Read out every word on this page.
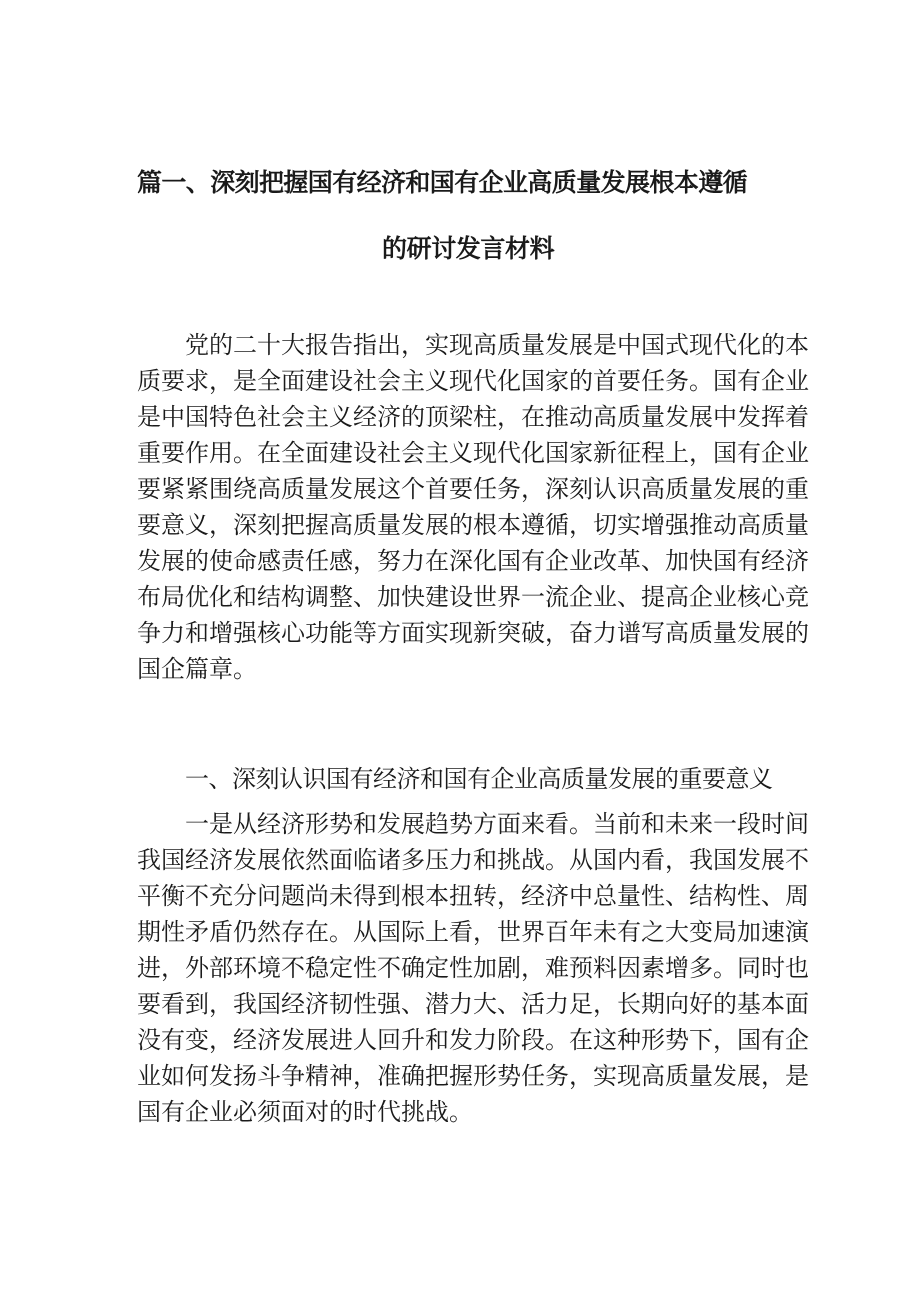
篇一、深刻把握国有经济和国有企业高质量发展根本遵循
的研讨发言材料
党的二十大报告指出，实现高质量发展是中国式现代化的本
质要求，是全面建设社会主义现代化国家的首要任务。国有企业
是中国特色社会主义经济的顶梁柱，在推动高质量发展中发挥着
重要作用。在全面建设社会主义现代化国家新征程上，国有企业
要紧紧围绕高质量发展这个首要任务，深刻认识高质量发展的重
要意义，深刻把握高质量发展的根本遵循，切实增强推动高质量
发展的使命感责任感，努力在深化国有企业改革、加快国有经济
布局优化和结构调整、加快建设世界一流企业、提高企业核心竞
争力和增强核心功能等方面实现新突破，奋力谱写高质量发展的
国企篇章。
一、深刻认识国有经济和国有企业高质量发展的重要意义
一是从经济形势和发展趋势方面来看。当前和未来一段时间
我国经济发展依然面临诸多压力和挑战。从国内看，我国发展不
平衡不充分问题尚未得到根本扭转，经济中总量性、结构性、周
期性矛盾仍然存在。从国际上看，世界百年未有之大变局加速演
进，外部环境不稳定性不确定性加剧，难预料因素增多。同时也
要看到，我国经济韧性强、潜力大、活力足，长期向好的基本面
没有变，经济发展进人回升和发力阶段。在这种形势下，国有企
业如何发扬斗争精神，准确把握形势任务，实现高质量发展，是
国有企业必须面对的时代挑战。
